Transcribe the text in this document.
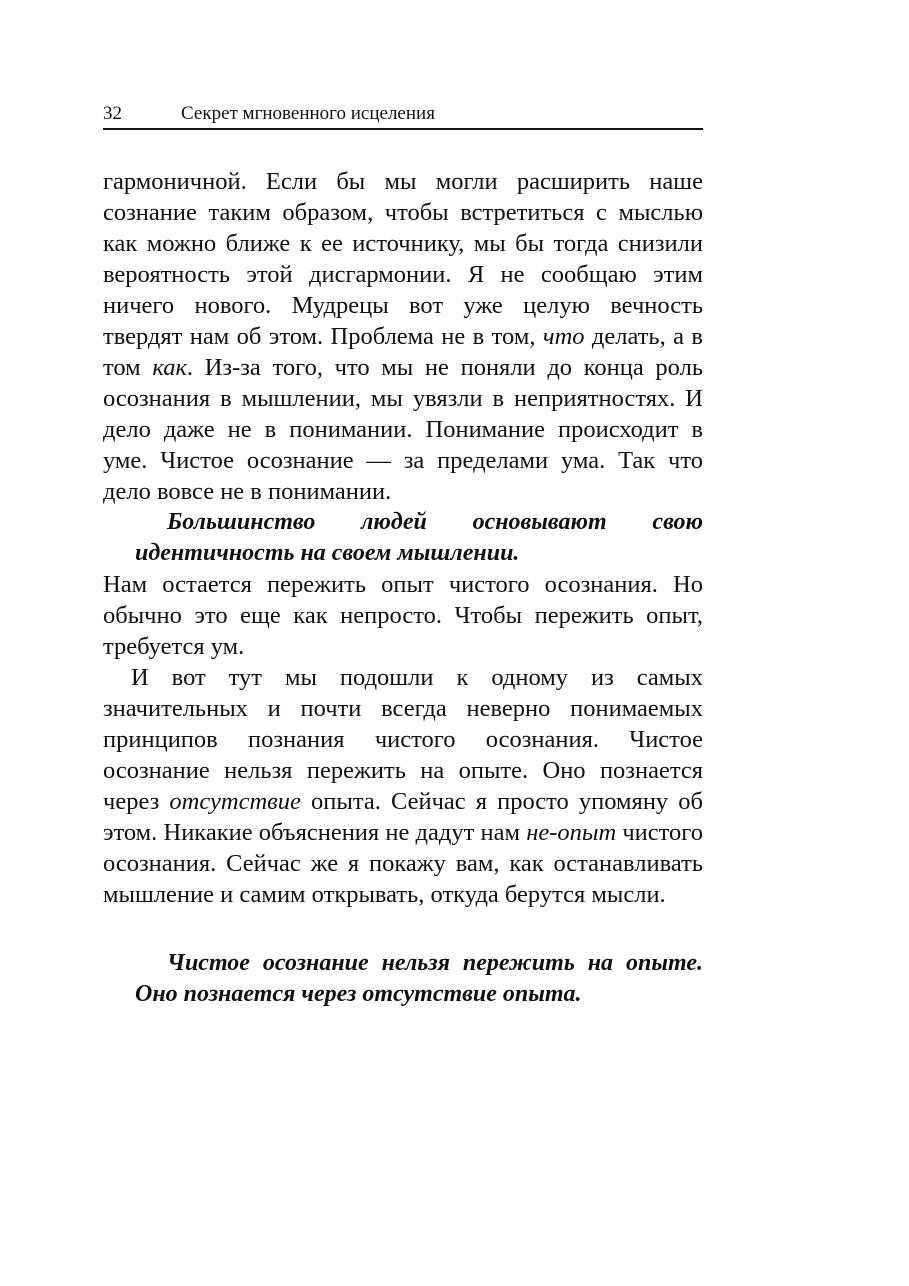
32	Секрет мгновенного исцеления

гармоничной. Если бы мы могли расширить наше сознание таким образом, чтобы встретиться с мыслью как можно ближе к ее источнику, мы бы тогда снизили вероятность этой дисгармонии. Я не сообщаю этим ничего нового. Мудрецы вот уже целую вечность твердят нам об этом. Проблема не в том, что делать, а в том как. Из-за того, что мы не поняли до конца роль осознания в мышлении, мы увязли в неприятностях. И дело даже не в понимании. Понимание происходит в уме. Чистое осознание — за пределами ума. Так что дело вовсе не в понимании.

Большинство людей основывают свою идентичность на своем мышлении.

Нам остается пережить опыт чистого осознания. Но обычно это еще как непросто. Чтобы пережить опыт, требуется ум.

И вот тут мы подошли к одному из самых значительных и почти всегда неверно понимаемых принципов познания чистого осознания. Чистое осознание нельзя пережить на опыте. Оно познается через отсутствие опыта. Сейчас я просто упомяну об этом. Никакие объяснения не дадут нам не-опыт чистого осознания. Сейчас же я покажу вам, как останавливать мышление и самим открывать, откуда берутся мысли.

Чистое осознание нельзя пережить на опыте. Оно познается через отсутствие опыта.
